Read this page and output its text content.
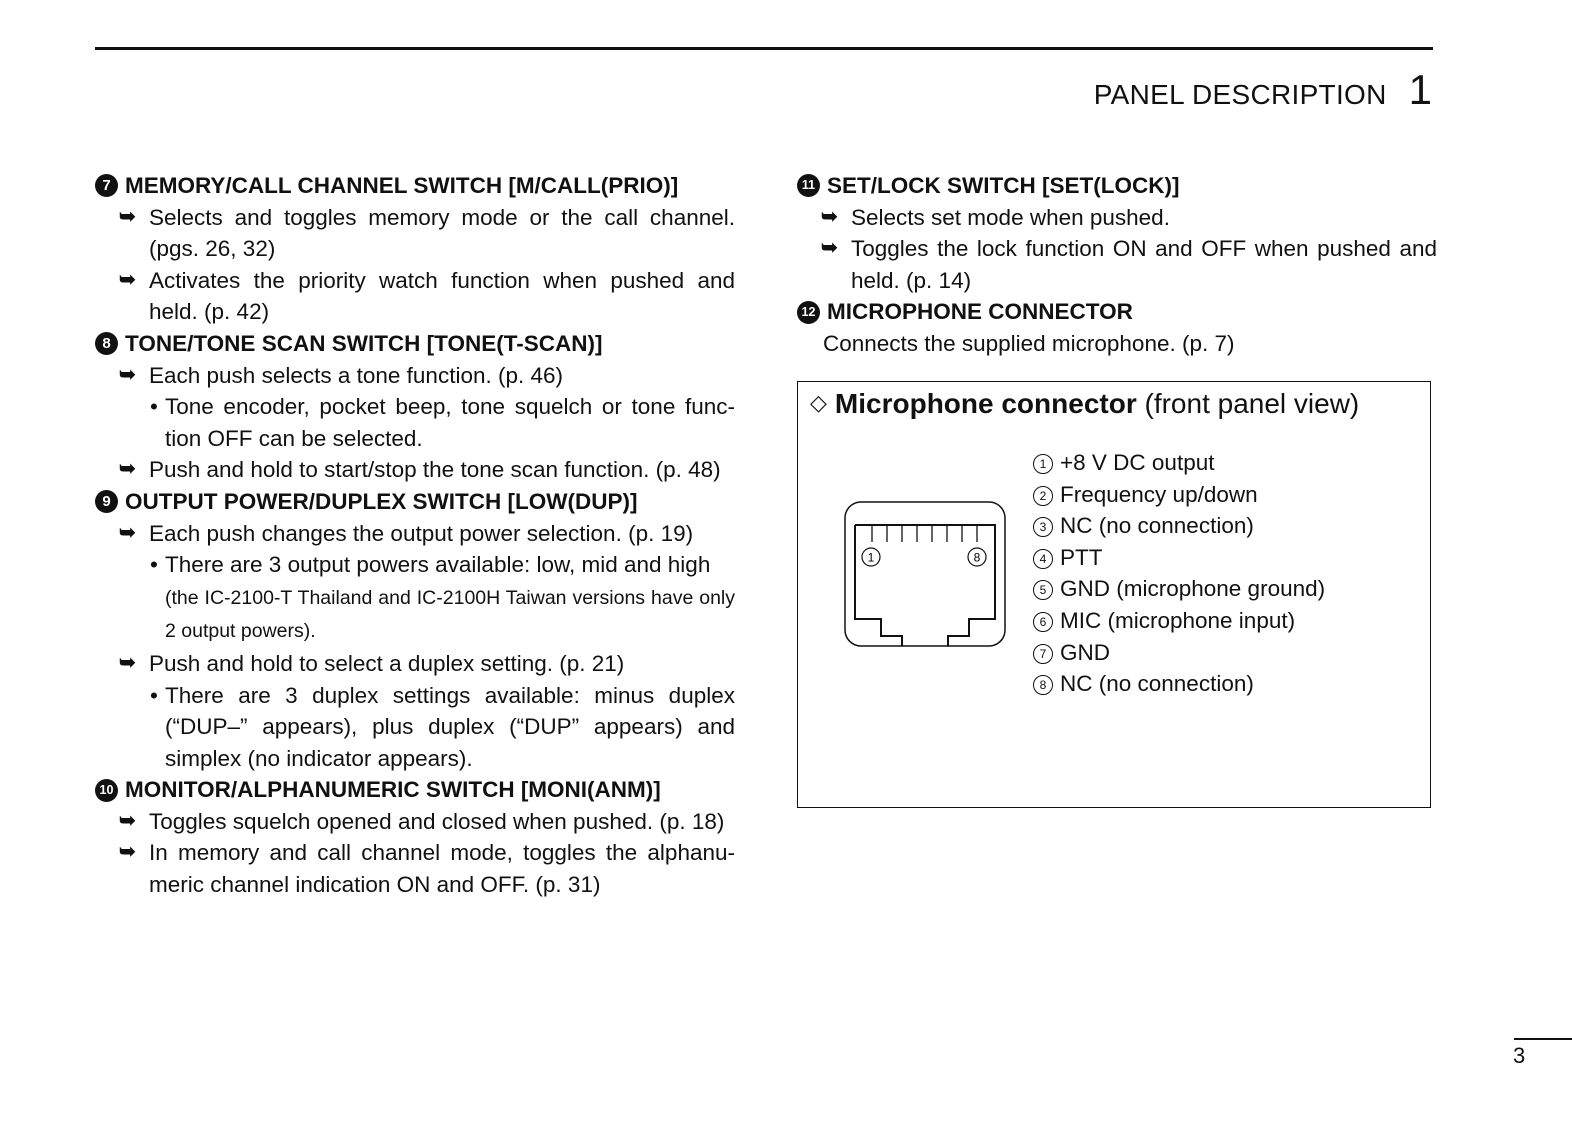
PANEL DESCRIPTION 1
7 MEMORY/CALL CHANNEL SWITCH [M/CALL(PRIO)]
➥ Selects and toggles memory mode or the call channel. (pgs. 26, 32)
➥ Activates the priority watch function when pushed and held. (p. 42)
8 TONE/TONE SCAN SWITCH [TONE(T-SCAN)]
➥ Each push selects a tone function. (p. 46)
• Tone encoder, pocket beep, tone squelch or tone func-tion OFF can be selected.
➥ Push and hold to start/stop the tone scan function. (p. 48)
9 OUTPUT POWER/DUPLEX SWITCH [LOW(DUP)]
➥ Each push changes the output power selection. (p. 19)
• There are 3 output powers available: low, mid and high
(the IC-2100-T Thailand and IC-2100H Taiwan versions have only 2 output powers).
➥ Push and hold to select a duplex setting. (p. 21)
• There are 3 duplex settings available: minus duplex (“DUP–” appears), plus duplex (“DUP” appears) and simplex (no indicator appears).
10 MONITOR/ALPHANUMERIC SWITCH [MONI(ANM)]
➥ Toggles squelch opened and closed when pushed. (p. 18)
➥ In memory and call channel mode, toggles the alphanu-meric channel indication ON and OFF. (p. 31)
11 SET/LOCK SWITCH [SET(LOCK)]
➥ Selects set mode when pushed.
➥ Toggles the lock function ON and OFF when pushed and held. (p. 14)
12 MICROPHONE CONNECTOR
Connects the supplied microphone. (p. 7)
◇ Microphone connector (front panel view)
1	8
1 +8 V DC output
2 Frequency up/down
3 NC (no connection)
4 PTT
5 GND (microphone ground)
6 MIC (microphone input)
7 GND
8 NC (no connection)
3
